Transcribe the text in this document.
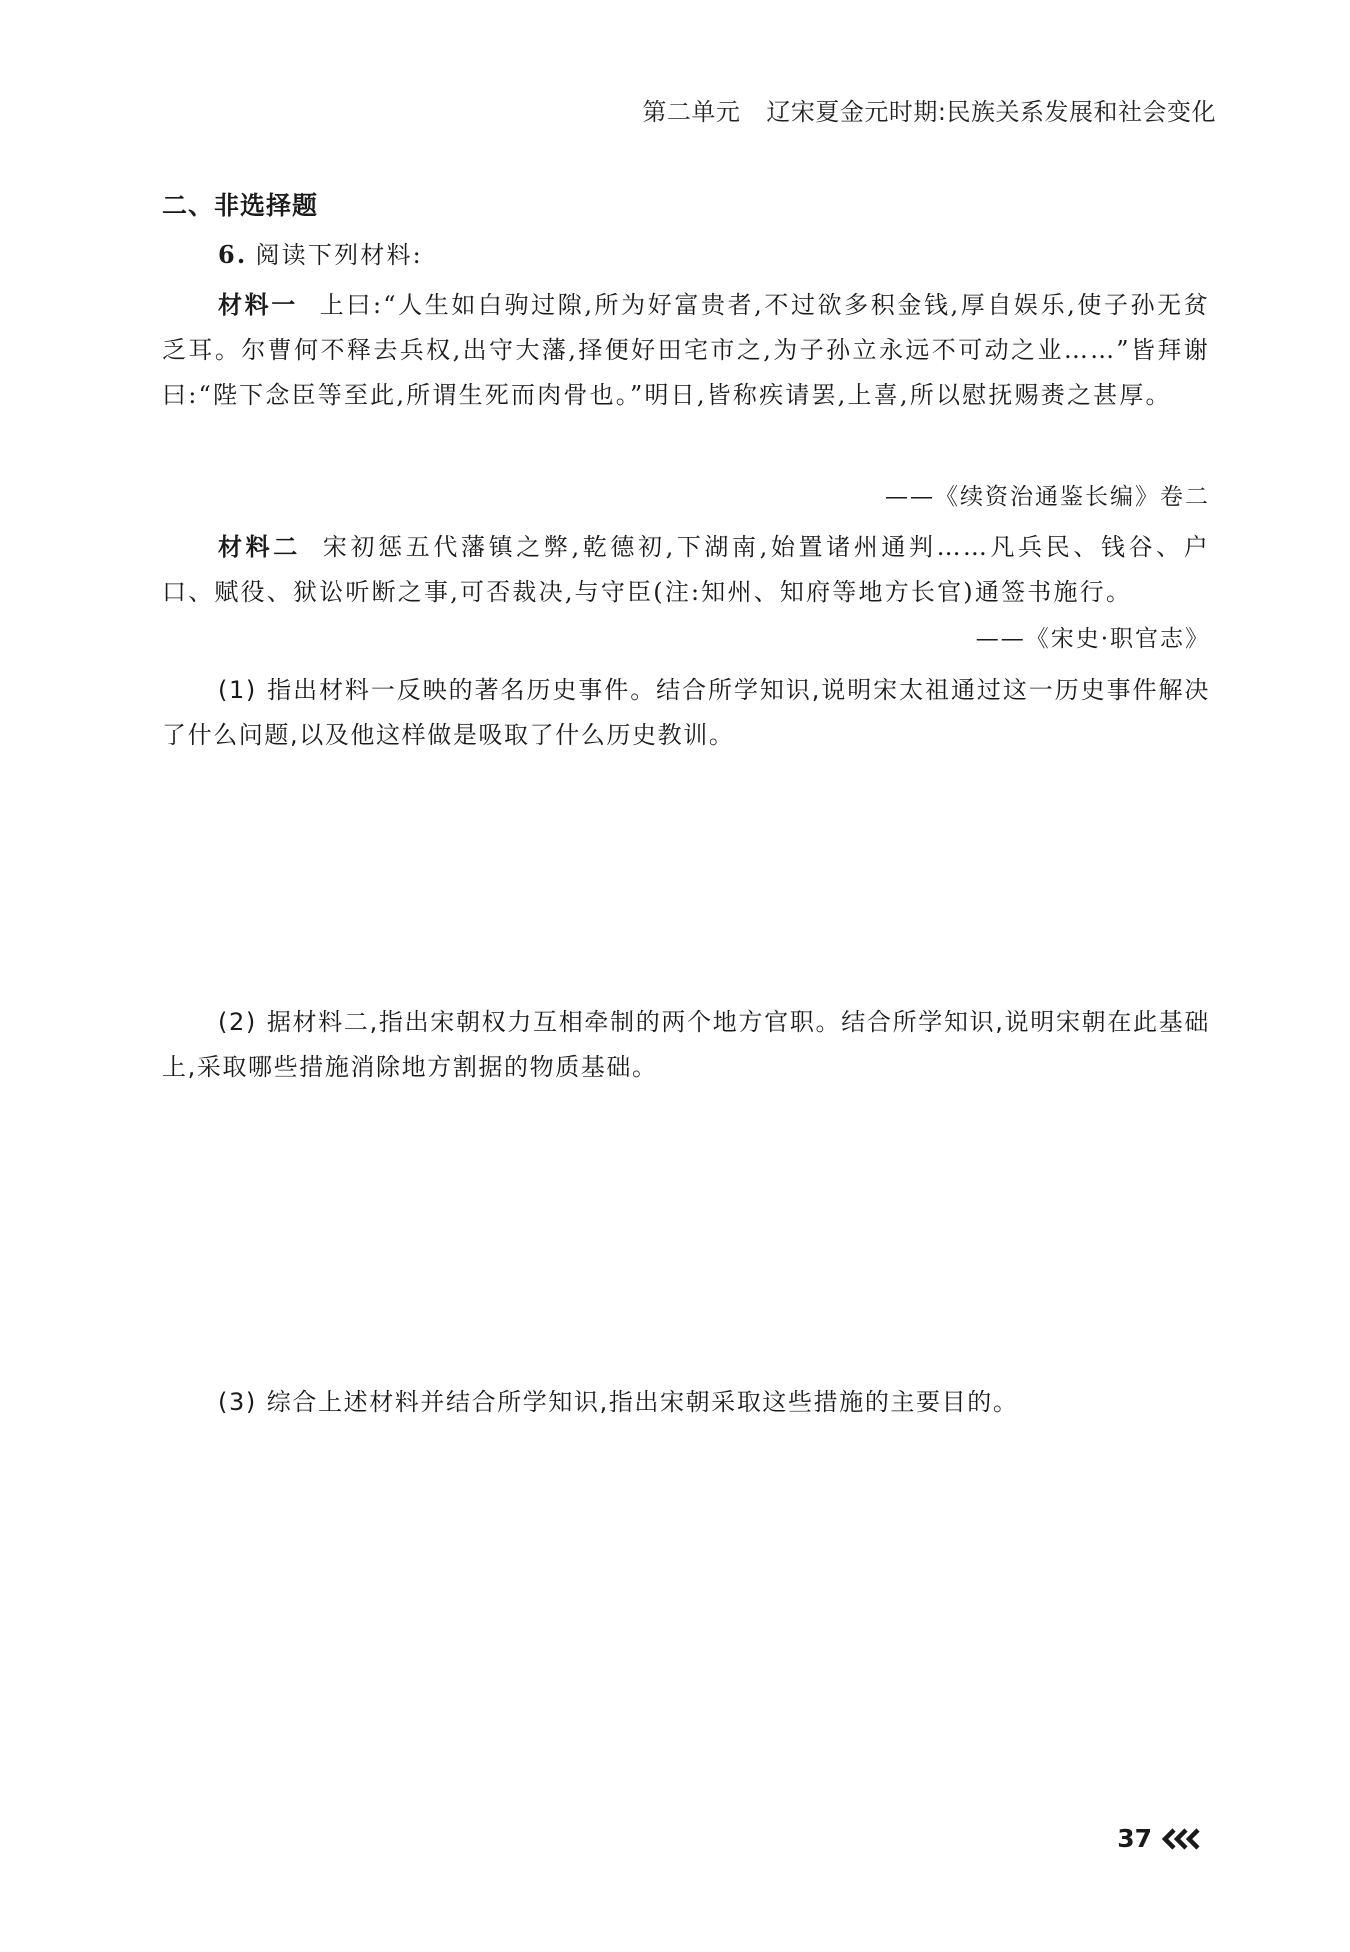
第二单元 辽宋夏金元时期:民族关系发展和社会变化
二、非选择题
6. 阅读下列材料:
材料一 上曰:“人生如白驹过隙,所为好富贵者,不过欲多积金钱,厚自娱乐,使子孙无贫乏耳。尔曹何不释去兵权,出守大藩,择便好田宅市之,为子孙立永远不可动之业……”皆拜谢曰:“陛下念臣等至此,所谓生死而肉骨也。”明日,皆称疾请罢,上喜,所以慰抚赐赉之甚厚。
——《续资治通鉴长编》卷二
材料二 宋初惩五代藩镇之弊,乾德初,下湖南,始置诸州通判……凡兵民、钱谷、户口、赋役、狱讼听断之事,可否裁决,与守臣(注:知州、知府等地方长官)通签书施行。
——《宋史·职官志》
(1) 指出材料一反映的著名历史事件。结合所学知识,说明宋太祖通过这一历史事件解决了什么问题,以及他这样做是吸取了什么历史教训。
(2) 据材料二,指出宋朝权力互相牵制的两个地方官职。结合所学知识,说明宋朝在此基础上,采取哪些措施消除地方割据的物质基础。
(3) 综合上述材料并结合所学知识,指出宋朝采取这些措施的主要目的。
37
